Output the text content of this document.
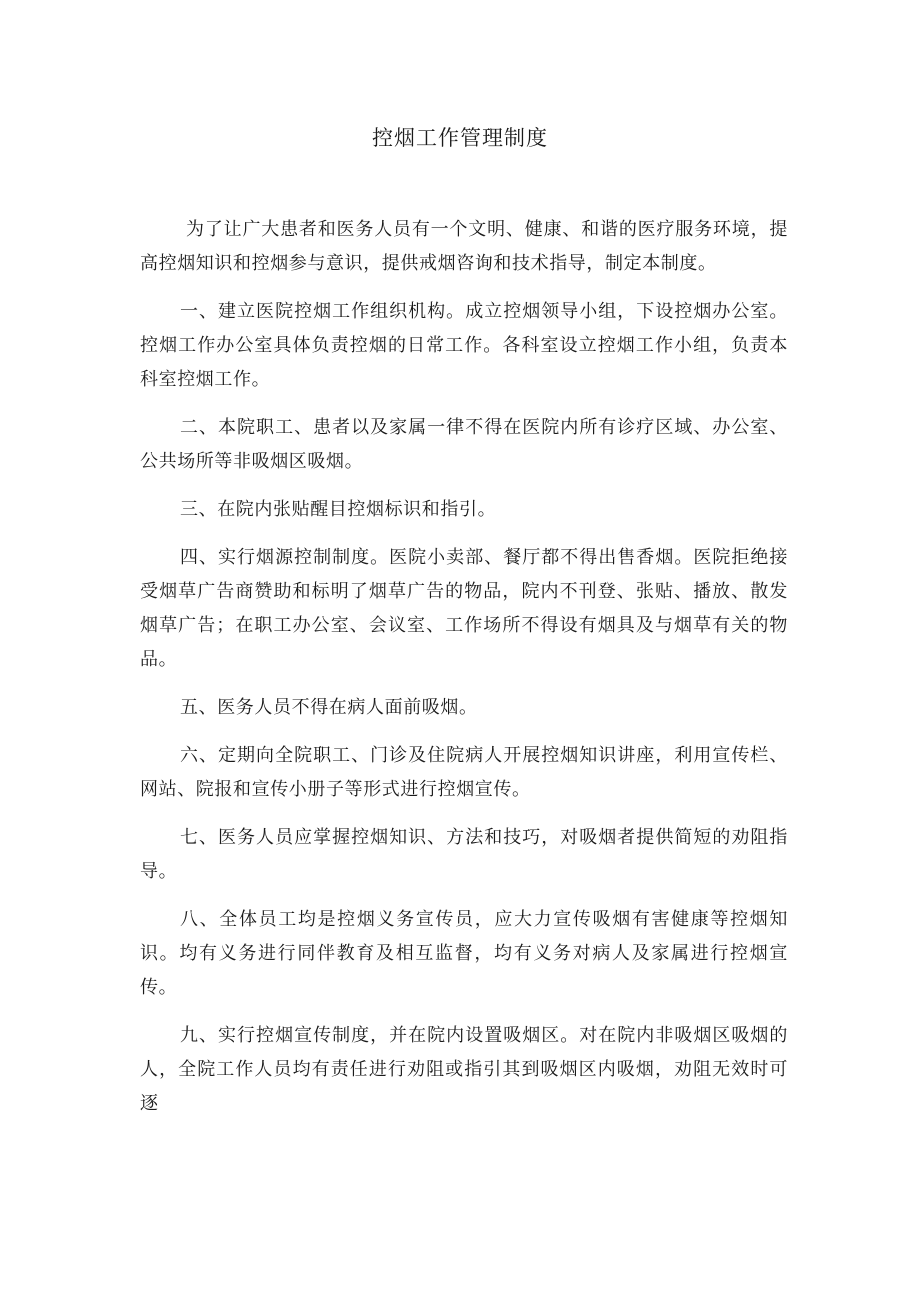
控烟工作管理制度

为了让广大患者和医务人员有一个文明、健康、和谐的医疗服务环境，提高控烟知识和控烟参与意识，提供戒烟咨询和技术指导，制定本制度。

一、建立医院控烟工作组织机构。成立控烟领导小组，下设控烟办公室。控烟工作办公室具体负责控烟的日常工作。各科室设立控烟工作小组，负责本科室控烟工作。

二、本院职工、患者以及家属一律不得在医院内所有诊疗区域、办公室、公共场所等非吸烟区吸烟。

三、在院内张贴醒目控烟标识和指引。

四、实行烟源控制制度。医院小卖部、餐厅都不得出售香烟。医院拒绝接受烟草广告商赞助和标明了烟草广告的物品，院内不刊登、张贴、播放、散发烟草广告；在职工办公室、会议室、工作场所不得设有烟具及与烟草有关的物品。

五、医务人员不得在病人面前吸烟。

六、定期向全院职工、门诊及住院病人开展控烟知识讲座，利用宣传栏、网站、院报和宣传小册子等形式进行控烟宣传。

七、医务人员应掌握控烟知识、方法和技巧，对吸烟者提供简短的劝阻指导。

八、全体员工均是控烟义务宣传员，应大力宣传吸烟有害健康等控烟知识。均有义务进行同伴教育及相互监督，均有义务对病人及家属进行控烟宣传。

九、实行控烟宣传制度，并在院内设置吸烟区。对在院内非吸烟区吸烟的人，全院工作人员均有责任进行劝阻或指引其到吸烟区内吸烟，劝阻无效时可逐
